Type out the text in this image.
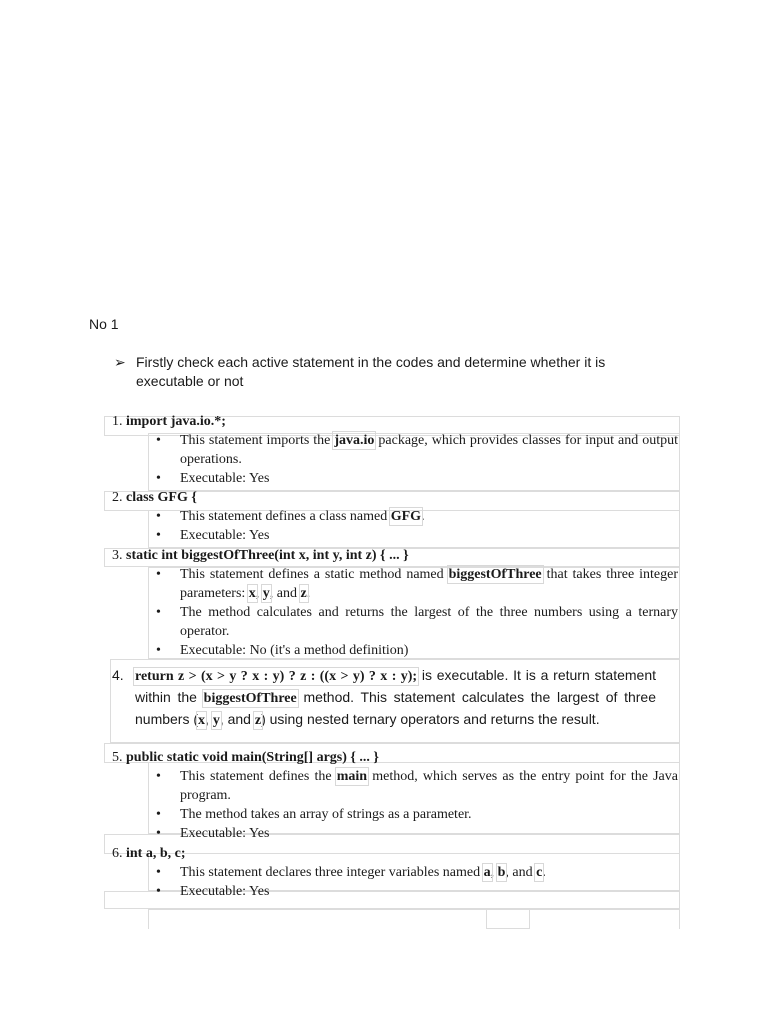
No 1
➢ Firstly check each active statement in the codes and determine whether it is executable or not
1. import java.io.*;
• This statement imports the java.io package, which provides classes for input and output operations.
• Executable: Yes
2. class GFG {
• This statement defines a class named GFG.
• Executable: Yes
3. static int biggestOfThree(int x, int y, int z) { ... }
• This statement defines a static method named biggestOfThree that takes three integer parameters: x, y, and z.
• The method calculates and returns the largest of the three numbers using a ternary operator.
• Executable: No (it's a method definition)
4. return z > (x > y ? x : y) ? z : ((x > y) ? x : y); is executable. It is a return statement within the biggestOfThree method. This statement calculates the largest of three numbers (x, y, and z) using nested ternary operators and returns the result.
5. public static void main(String[] args) { ... }
• This statement defines the main method, which serves as the entry point for the Java program.
• The method takes an array of strings as a parameter.
• Executable: Yes
6. int a, b, c;
• This statement declares three integer variables named a, b, and c.
• Executable: Yes
